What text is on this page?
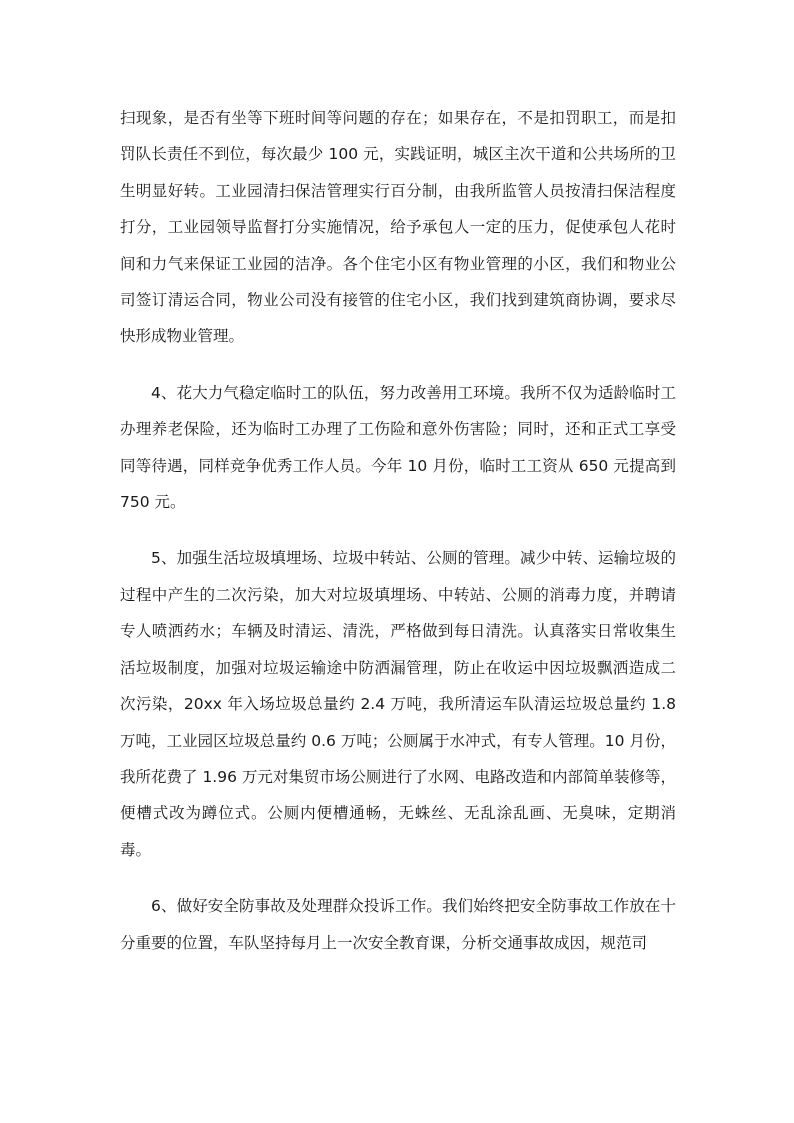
扫现象，是否有坐等下班时间等问题的存在；如果存在，不是扣罚职工，而是扣罚队长责任不到位，每次最少 100 元，实践证明，城区主次干道和公共场所的卫生明显好转。工业园清扫保洁管理实行百分制，由我所监管人员按清扫保洁程度打分，工业园领导监督打分实施情况，给予承包人一定的压力，促使承包人花时间和力气来保证工业园的洁净。各个住宅小区有物业管理的小区，我们和物业公司签订清运合同，物业公司没有接管的住宅小区，我们找到建筑商协调，要求尽快形成物业管理。

4、花大力气稳定临时工的队伍，努力改善用工环境。我所不仅为适龄临时工办理养老保险，还为临时工办理了工伤险和意外伤害险；同时，还和正式工享受同等待遇，同样竞争优秀工作人员。今年 10 月份，临时工工资从 650 元提高到 750 元。

5、加强生活垃圾填埋场、垃圾中转站、公厕的管理。减少中转、运输垃圾的过程中产生的二次污染，加大对垃圾填埋场、中转站、公厕的消毒力度，并聘请专人喷洒药水；车辆及时清运、清洗，严格做到每日清洗。认真落实日常收集生活垃圾制度，加强对垃圾运输途中防洒漏管理，防止在收运中因垃圾飘洒造成二次污染，20xx 年入场垃圾总量约 2.4 万吨，我所清运车队清运垃圾总量约 1.8 万吨，工业园区垃圾总量约 0.6 万吨；公厕属于水冲式，有专人管理。10 月份，我所花费了 1.96 万元对集贸市场公厕进行了水网、电路改造和内部简单装修等，便槽式改为蹲位式。公厕内便槽通畅，无蛛丝、无乱涂乱画、无臭味，定期消毒。

6、做好安全防事故及处理群众投诉工作。我们始终把安全防事故工作放在十分重要的位置，车队坚持每月上一次安全教育课，分析交通事故成因，规范司
